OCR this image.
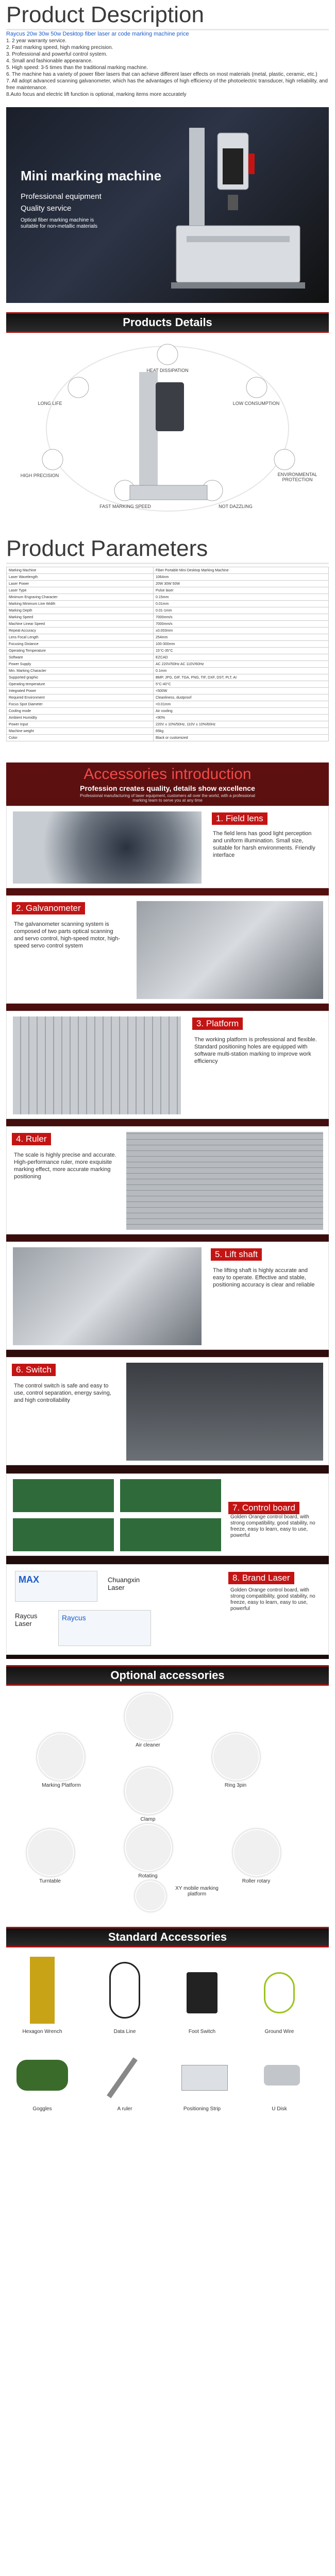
Product Description
Raycus 20w 30w 50w Desktop fiber laser ar code marking machine price
1. 2 year warranty service.
2. Fast marking speed, high marking precision.
3. Professional and powerful control system.
4. Small and fashionable appearance.
5. High speed: 3-5 times than the traditional marking machine.
6. The machine has a variety of power fiber lasers that can achieve different laser effects on most materials (metal, plastic, ceramic, etc.)
7. All adopt advanced scanning galvanometer, which has the advantages of high efficiency of the photoelectric transducer, high reliability, and free maintenance.
8.Auto focus and electric lift function is optional, marking items more accurately
Mini marking machine
Professional equipment
Quality service
Optical fiber marking machine is suitable for non-metallic materials
Products Details
HEAT DISSIPATION
LOW CONSUMPTION
LONG LIFE
ENVIRONMENTAL PROTECTION
HIGH PRECISION
NOT DAZZLING
FAST MARKING SPEED
Product Parameters
Marking Machine	Fiber Portable Mini Desktop Marking Machine
Laser Wavelength	1064nm
Laser Power	20W 30W 50W
Laser Type	Pulse laser
Minimum Engraving Character	0.15mm
Marking Minimum Line Width	0.01mm
Marking Depth	0.01-1mm
Marking Speed	7000mm/s
Machine Linear Speed	7000mm/s
Repeat Accuracy	±0.003mm
Lens Focal Length	254mm
Focusing Distance	100-300mm
Operating Temperature	15°C-35°C
Software	EZCAD
Power Supply	AC 220V/50Hz AC 110V/60Hz
Min. Marking Character	0.1mm
Supported graphic	BMP, JPG, GIF, TGA, PNG, TIF, DXF, DST, PLT, AI
Operating temperature	5°C-40°C
Integrated Power	<500W
Required Environment	Cleanliness, dustproof
Focus Spot Diameter	<0.01mm
Cooling mode	Air cooling
Ambient Humidity	<90%
Power Input	220V ± 10%/50Hz, 110V ± 10%/60Hz
Machine weight	65kg
Color	Black or customized
Accessories introduction
Profession creates quality, details show excellence
Professional manufacturing of laser equipment, customers all over the world, with a professional marking team to serve you at any time
1. Field lens
The field lens has good light perception and uniform illumination. Small size, suitable for harsh environments. Friendly interface
2. Galvanometer
The galvanometer scanning system is composed of two parts optical scanning and servo control, high-speed motor, high-speed servo control system
3. Platform
The working platform is professional and flexible. Standard positioning holes are equipped with software multi-station marking to improve work efficiency
4. Ruler
The scale is highly precise and accurate. High-performance ruler, more exquisite marking effect, more accurate marking positioning
5. Lift shaft
The lifting shaft is highly accurate and easy to operate. Effective and stable, positioning accuracy is clear and reliable
6. Switch
The control switch is safe and easy to use, control separation, energy saving, and high controllability
7. Control board
Golden Orange control board, with strong compatibility, good stability, no freeze, easy to learn, easy to use, powerful
MAX	Chuangxin Laser
Raycus Laser
Raycus
8. Brand Laser
Golden Orange control board, with strong compatibility, good stability, no freeze, easy to learn, easy to use, powerful
Optional accessories
Air cleaner
Marking Platform	Ring 3pin
Clamp
Rotating
Turntable	Roller rotary
XY mobile marking platform
Standard Accessories
Hexagon Wrench	Data Line	Foot Switch	Ground Wire
Goggles	A ruler	Positioning Strip	U Disk
